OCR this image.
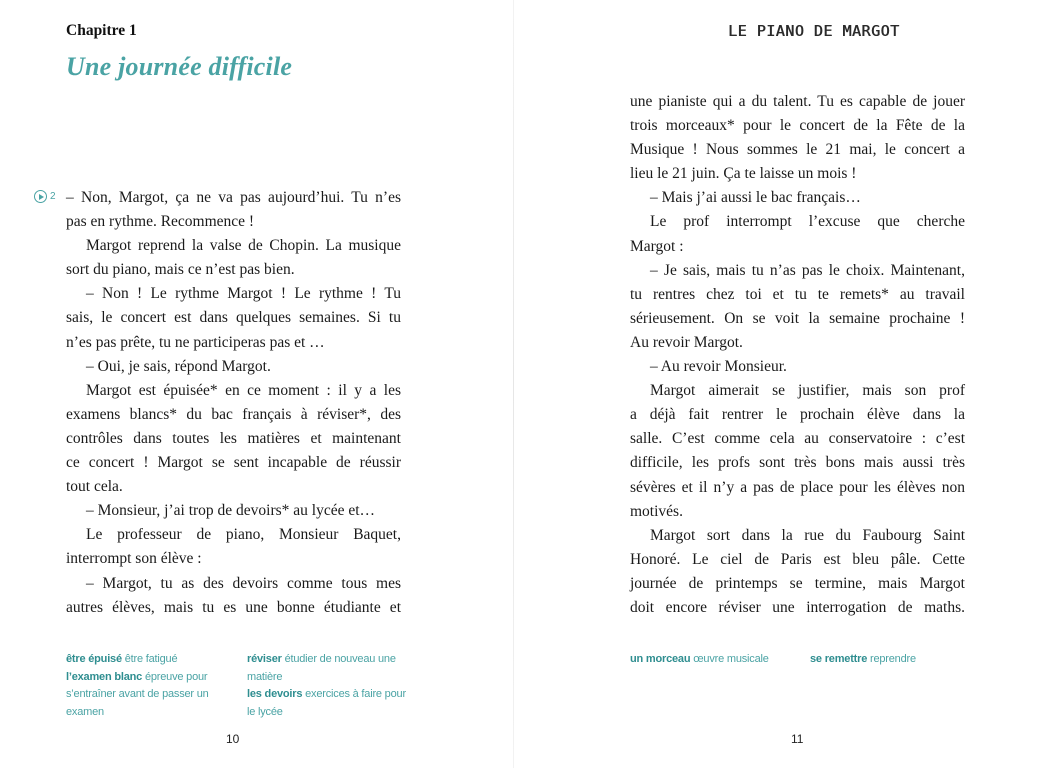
Chapitre 1
Une journée difficile
2 – Non, Margot, ça ne va pas aujourd’hui. Tu n’es
pas en rythme. Recommence !
Margot reprend la valse de Chopin. La musique
sort du piano, mais ce n’est pas bien.
– Non ! Le rythme Margot ! Le rythme ! Tu
sais, le concert est dans quelques semaines. Si tu
n’es pas prête, tu ne participeras pas et …
– Oui, je sais, répond Margot.
Margot est épuisée* en ce moment : il y a les
examens blancs* du bac français à réviser*, des
contrôles dans toutes les matières et maintenant
ce concert ! Margot se sent incapable de réussir
tout cela.
– Monsieur, j’ai trop de devoirs* au lycée et…
Le professeur de piano, Monsieur Baquet,
interrompt son élève :
– Margot, tu as des devoirs comme tous mes
autres élèves, mais tu es une bonne étudiante et
être épuisé être fatigué
l’examen blanc épreuve pour
s’entraîner avant de passer un
examen
réviser étudier de nouveau une
matière
les devoirs exercices à faire pour
le lycée
10
LE PIANO DE MARGOT
une pianiste qui a du talent. Tu es capable de jouer
trois morceaux* pour le concert de la Fête de la
Musique ! Nous sommes le 21 mai, le concert a
lieu le 21 juin. Ça te laisse un mois !
– Mais j’ai aussi le bac français…
Le prof interrompt l’excuse que cherche
Margot :
– Je sais, mais tu n’as pas le choix. Maintenant,
tu rentres chez toi et tu te remets* au travail
sérieusement. On se voit la semaine prochaine !
Au revoir Margot.
– Au revoir Monsieur.
Margot aimerait se justifier, mais son prof
a déjà fait rentrer le prochain élève dans la
salle. C’est comme cela au conservatoire : c’est
difficile, les profs sont très bons mais aussi très
sévères et il n’y a pas de place pour les élèves non
motivés.
Margot sort dans la rue du Faubourg Saint
Honoré. Le ciel de Paris est bleu pâle. Cette
journée de printemps se termine, mais Margot
doit encore réviser une interrogation de maths.
un morceau œuvre musicale	se remettre reprendre
11
